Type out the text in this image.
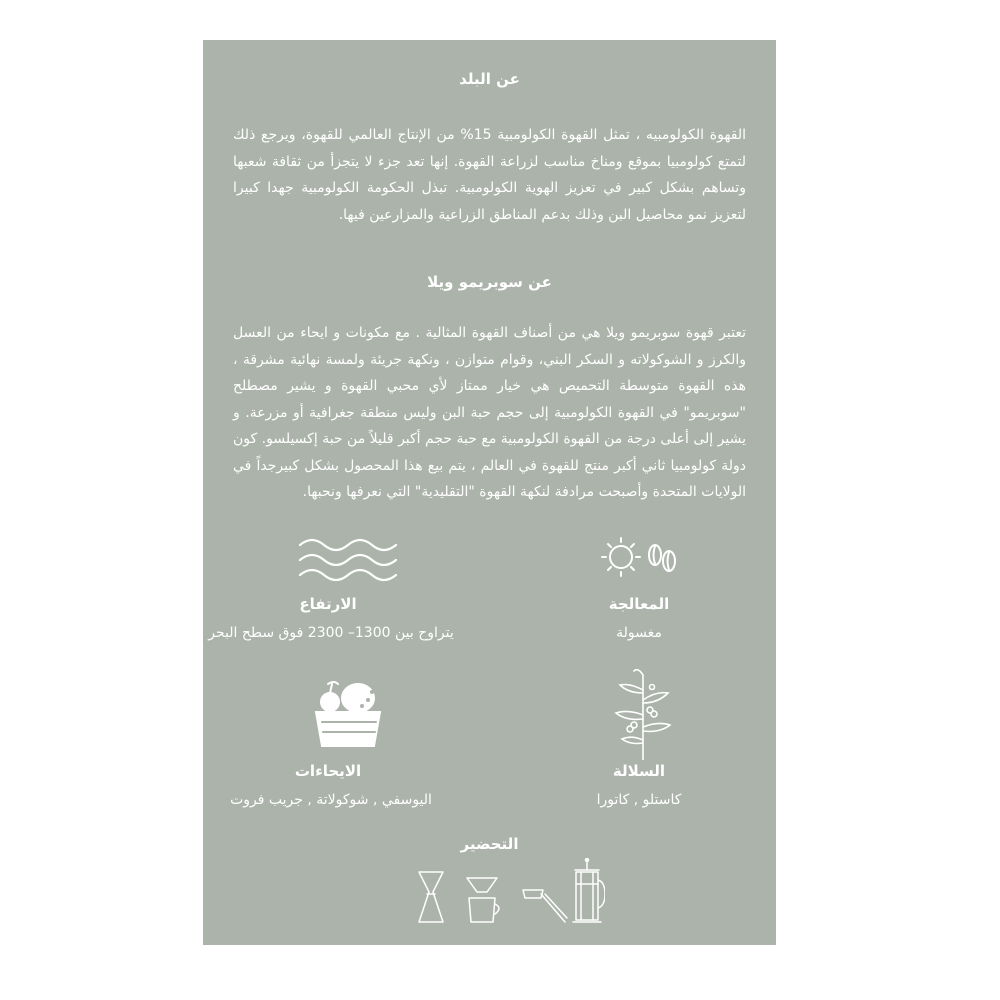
عن البلد
القهوة الكولومبيه ، تمثل القهوة الكولومبية 15% من الإنتاج العالمي للقهوة، ويرجع ذلك لتمتع كولومبيا بموقع ومناخ مناسب لزراعة القهوة. إنها تعد جزء لا يتجزأ من ثقافة شعبها وتساهم بشكل كبير في تعزيز الهوية الكولومبية. تبذل الحكومة الكولومبية جهدا كبيرا لتعزيز نمو محاصيل البن وذلك بدعم المناطق الزراعية والمزارعين فيها.
عن سوبريمو ويلا
تعتبر قهوة سوبريمو ويلا هي من أصناف القهوة المثالية . مع مكونات و ايحاء من العسل والكرز و الشوكولاته و السكر البني، وقوام متوازن ، ونكهة جريئة ولمسة نهائية مشرقة ، هذه القهوة متوسطة التحميص هي خيار ممتاز لأي محبي القهوة و يشير مصطلح "سوبريمو" في القهوة الكولومبية إلى حجم حبة البن وليس منطقة جغرافية أو مزرعة. و يشير إلى أعلى درجة من القهوة الكولومبية مع حبة حجم أكبر قليلاً من حبة إكسيلسو. كون دولة كولومبيا ثاني أكبر منتج للقهوة في العالم ، يتم بيع هذا المحصول بشكل كبيرجداً في الولايات المتحدة وأصبحت مرادفة لنكهة القهوة "التقليدية" التي نعرفها ونحبها.
الارتفاع	المعالجة
يتراوح بين 1300– 2300 فوق سطح البحر	مغسولة
الايحاءات	السلالة
اليوسفي , شوكولاتة , جريب فروت	كاستلو , كاتورا
التحضير
